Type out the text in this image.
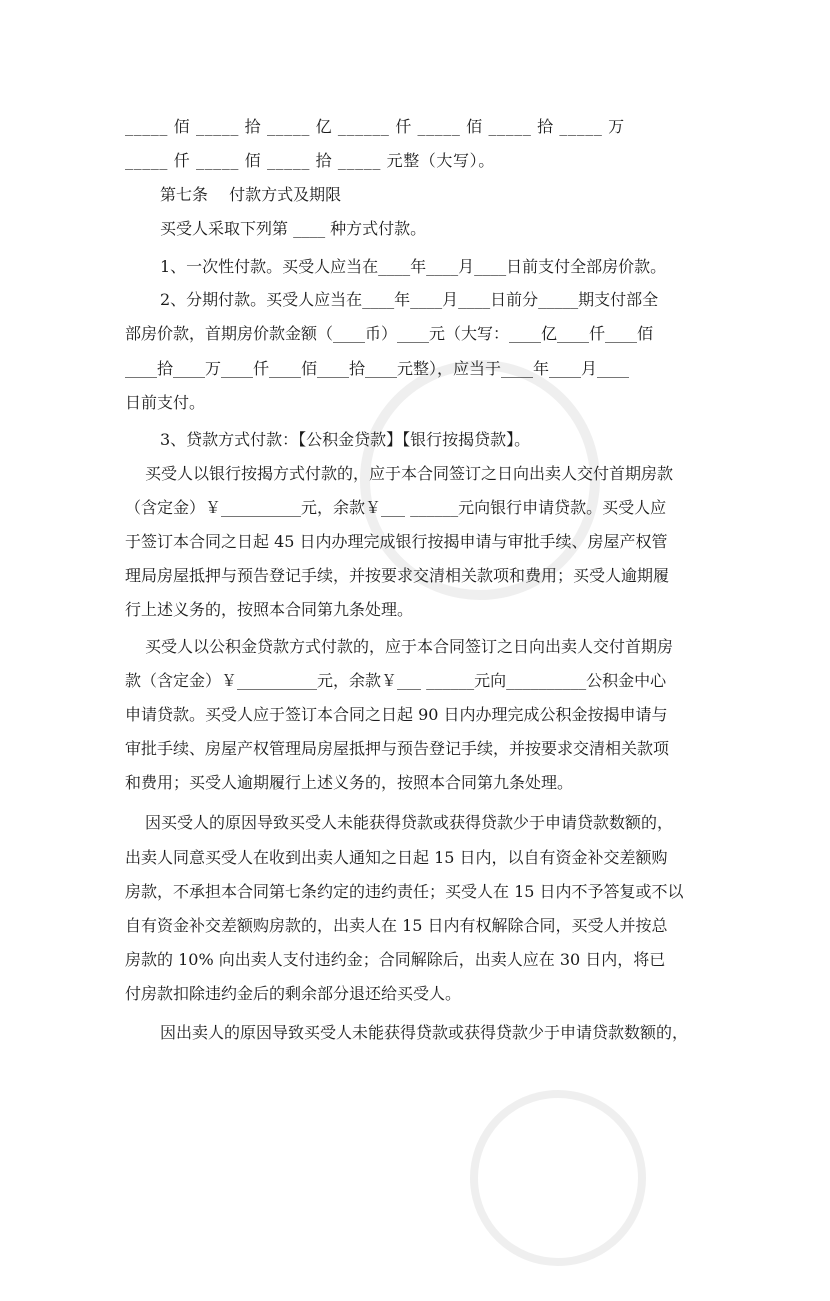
_____ 佰 _____ 拾 _____ 亿 ______ 仟 _____ 佰 _____ 拾 _____ 万
_____ 仟 _____ 佰 _____ 拾 _____ 元整（大写）。
第七条　 付款方式及期限
买受人采取下列第 ____ 种方式付款。
1、一次性付款。买受人应当在____年____月____日前支付全部房价款。
2、分期付款。买受人应当在____年____月____日前分_____期支付部全
部房价款，首期房价款金额（____币）____元（大写：____亿____仟____佰
____拾____万____仟____佰____拾____元整），应当于____年____月____
日前支付。
3、贷款方式付款：【公积金贷款】【银行按揭贷款】。
买受人以银行按揭方式付款的，应于本合同签订之日向出卖人交付首期房款
（含定金）￥__________元，余款￥___ ______元向银行申请贷款。买受人应
于签订本合同之日起 45 日内办理完成银行按揭申请与审批手续、房屋产权管
理局房屋抵押与预告登记手续，并按要求交清相关款项和费用；买受人逾期履
行上述义务的，按照本合同第九条处理。
买受人以公积金贷款方式付款的，应于本合同签订之日向出卖人交付首期房
款（含定金）￥__________元，余款￥___ ______元向__________公积金中心
申请贷款。买受人应于签订本合同之日起 90 日内办理完成公积金按揭申请与
审批手续、房屋产权管理局房屋抵押与预告登记手续，并按要求交清相关款项
和费用；买受人逾期履行上述义务的，按照本合同第九条处理。
因买受人的原因导致买受人未能获得贷款或获得贷款少于申请贷款数额的，
出卖人同意买受人在收到出卖人通知之日起 15 日内，以自有资金补交差额购
房款，不承担本合同第七条约定的违约责任；买受人在 15 日内不予答复或不以
自有资金补交差额购房款的，出卖人在 15 日内有权解除合同，买受人并按总
房款的 10% 向出卖人支付违约金；合同解除后，出卖人应在 30 日内，将已
付房款扣除违约金后的剩余部分退还给买受人。
因出卖人的原因导致买受人未能获得贷款或获得贷款少于申请贷款数额的，
